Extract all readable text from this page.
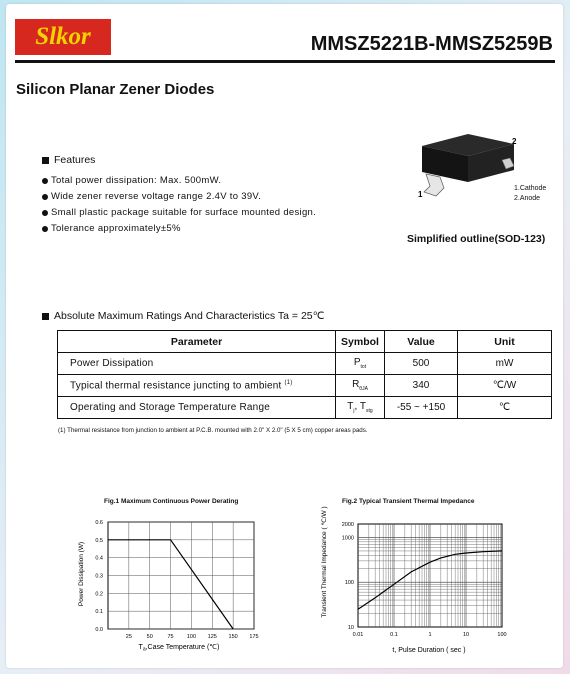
Slkor	MMSZ5221B-MMSZ5259B
Silicon Planar Zener Diodes
Features
Total power dissipation: Max. 500mW.
Wide zener reverse voltage range 2.4V to 39V.
Small plastic package suitable for surface mounted design.
Tolerance approximately±5%
2
1
1.Cathode
2.Anode
Simplified outline(SOD-123)
Absolute Maximum Ratings And Characteristics Ta = 25℃
Parameter	Symbol	Value	Unit
Power Dissipation	$P_{tot}$	500	mW
Typical thermal resistance juncting to ambient $^{(1)}$	$R_{\theta JA}$	340	℃/W
Operating and Storage Temperature Range	$T_j$, $T_{stg}$	-55 ~ +150	℃
(1) Thermal resistance from junction to ambient at P.C.B. mounted with 2.0" X 2.0" (5 X 5 cm) copper areas pads.
Fig.1 Maximum Continuous Power Derating
25	50	75 100 125 150 175
0.0
0.1
0.2
0.3
0.4
0.5
0.6
Power Dissipation (W)
$T_a,Case$ Temperature (℃)
Fig.2 Typical Transient Thermal Impedance
0.01	0.1	1	10	100
10
100
1000
2000
Transient Thermal Impedance ( ℃/W )
t, Pulse Duration ( sec )
